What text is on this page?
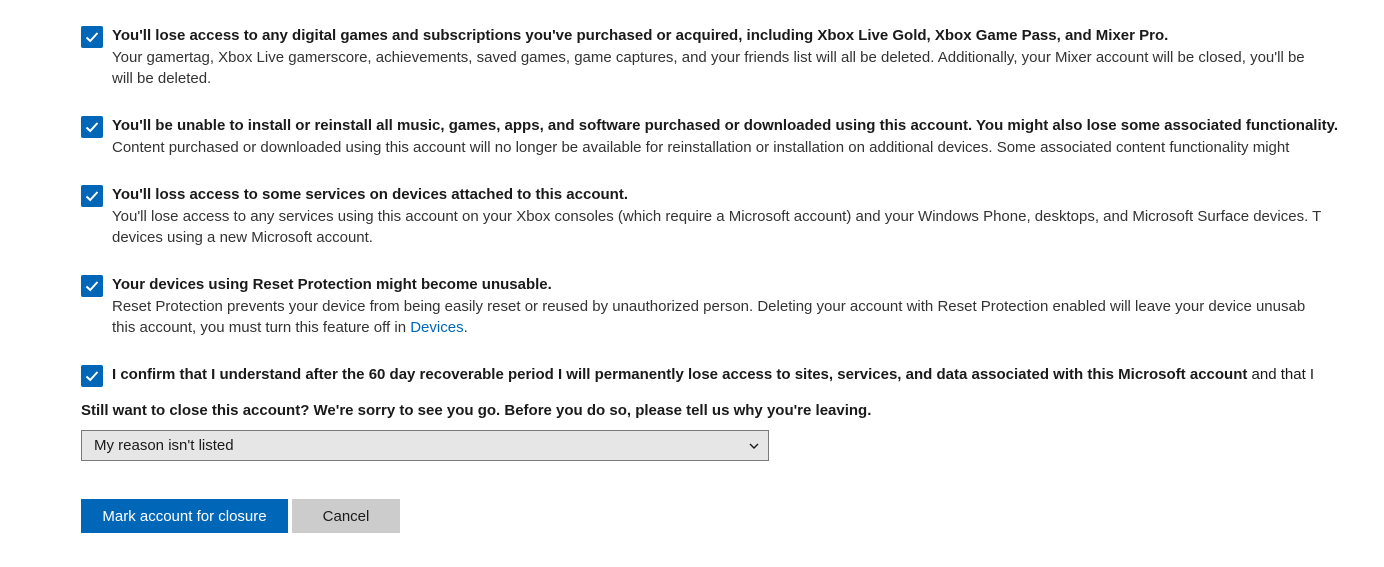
You'll lose access to any digital games and subscriptions you've purchased or acquired, including Xbox Live Gold, Xbox Game Pass, and Mixer Pro.
Your gamertag, Xbox Live gamerscore, achievements, saved games, game captures, and your friends list will all be deleted. Additionally, your Mixer account will be closed, you'll be
will be deleted.
You'll be unable to install or reinstall all music, games, apps, and software purchased or downloaded using this account. You might also lose some associated functionality.
Content purchased or downloaded using this account will no longer be available for reinstallation or installation on additional devices. Some associated content functionality might
You'll loss access to some services on devices attached to this account.
You'll lose access to any services using this account on your Xbox consoles (which require a Microsoft account) and your Windows Phone, desktops, and Microsoft Surface devices. T
devices using a new Microsoft account.
Your devices using Reset Protection might become unusable.
Reset Protection prevents your device from being easily reset or reused by unauthorized person. Deleting your account with Reset Protection enabled will leave your device unusab
this account, you must turn this feature off in Devices.
I confirm that I understand after the 60 day recoverable period I will permanently lose access to sites, services, and data associated with this Microsoft account and that I
Still want to close this account? We're sorry to see you go. Before you do so, please tell us why you're leaving.
My reason isn't listed
Mark account for closure	Cancel
